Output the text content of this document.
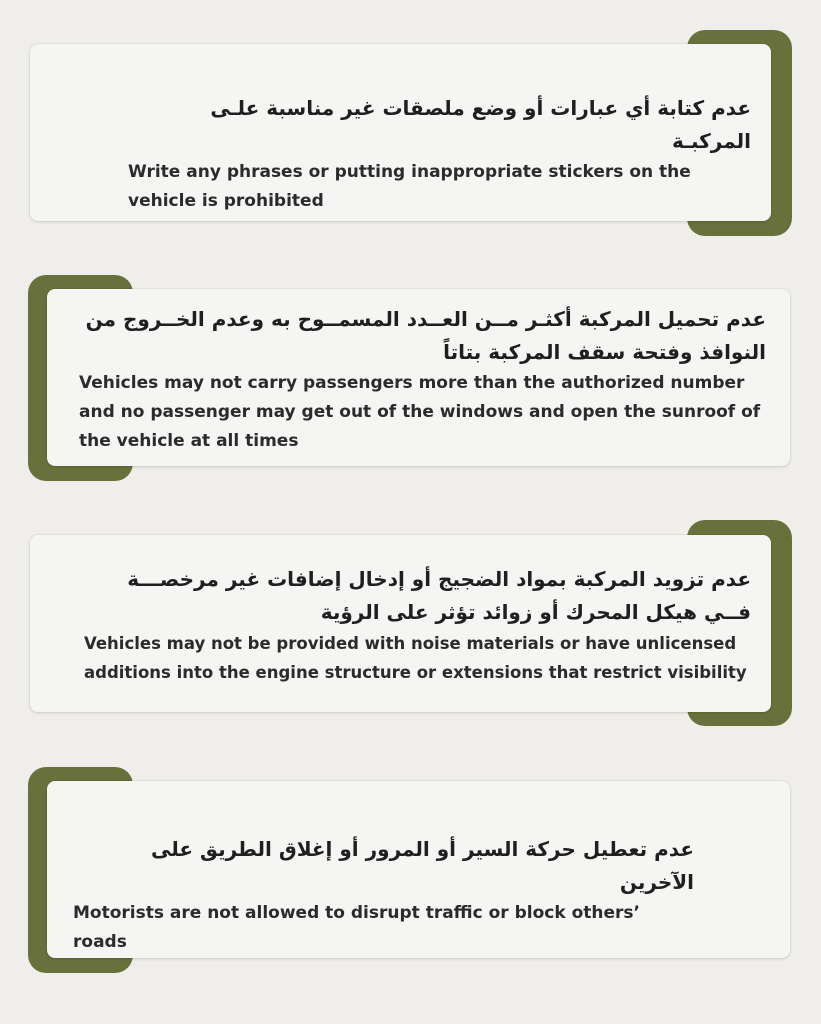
عدم كتابة أي عبارات أو وضع ملصقات غير مناسبة علـى المركبـة

Write any phrases or putting inappropriate stickers on the vehicle is prohibited

عدم تحميل المركبة أكثـر مــن العــدد المسمــوح به وعدم الخــروج من النوافذ وفتحة سقف المركبة بتاتاً

Vehicles may not carry passengers more than the authorized number and no passenger may get out of the windows and open the sunroof of the vehicle at all times

عدم تزويد المركبة بمواد الضجيج أو إدخال إضافات غير مرخصـــة فــي هيكل المحرك أو زوائد تؤثر على الرؤية

Vehicles may not be provided with noise materials or have unlicensed additions into the engine structure or extensions that restrict visibility

عدم تعطيل حركة السير أو المرور أو إغلاق الطريق على الآخرين

Motorists are not allowed to disrupt traffic or block others’ roads
